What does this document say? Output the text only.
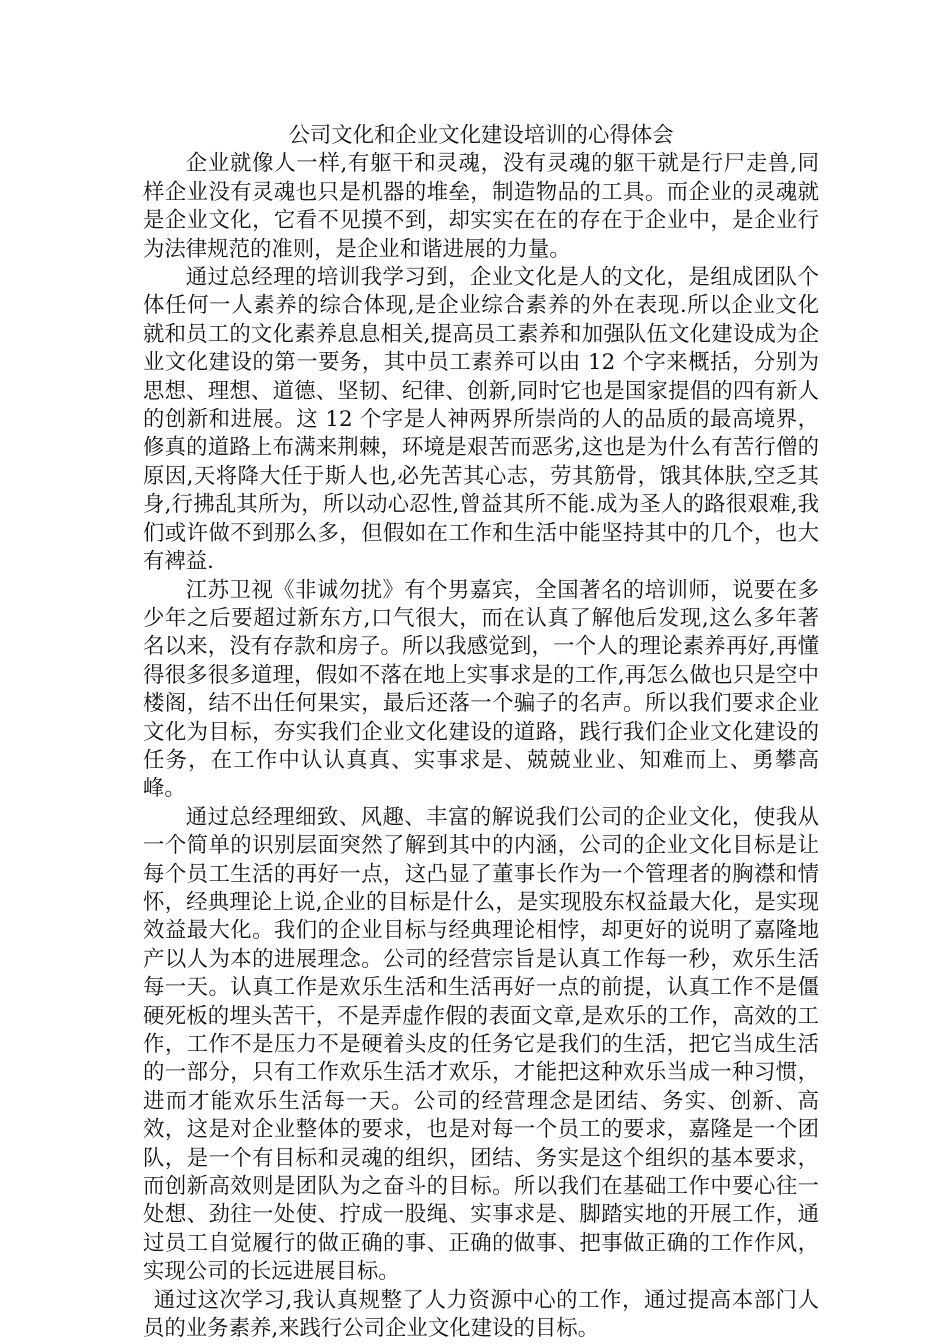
公司文化和企业文化建设培训的心得体会

企业就像人一样,有躯干和灵魂，没有灵魂的躯干就是行尸走兽,同样企业没有灵魂也只是机器的堆垒，制造物品的工具。而企业的灵魂就是企业文化，它看不见摸不到，却实实在在的存在于企业中，是企业行为法律规范的准则，是企业和谐进展的力量。

通过总经理的培训我学习到，企业文化是人的文化，是组成团队个体任何一人素养的综合体现,是企业综合素养的外在表现.所以企业文化就和员工的文化素养息息相关,提高员工素养和加强队伍文化建设成为企业文化建设的第一要务，其中员工素养可以由 12 个字来概括，分别为思想、理想、道德、坚韧、纪律、创新,同时它也是国家提倡的四有新人的创新和进展。这 12 个字是人神两界所崇尚的人的品质的最高境界，修真的道路上布满来荆棘，环境是艰苦而恶劣,这也是为什么有苦行僧的原因,天将降大任于斯人也,必先苦其心志，劳其筋骨，饿其体肤,空乏其身,行拂乱其所为，所以动心忍性,曾益其所不能.成为圣人的路很艰难,我们或许做不到那么多，但假如在工作和生活中能坚持其中的几个，也大有裨益.

江苏卫视《非诚勿扰》有个男嘉宾，全国著名的培训师，说要在多少年之后要超过新东方,口气很大，而在认真了解他后发现,这么多年著名以来，没有存款和房子。所以我感觉到，一个人的理论素养再好,再懂得很多很多道理，假如不落在地上实事求是的工作,再怎么做也只是空中楼阁，结不出任何果实，最后还落一个骗子的名声。所以我们要求企业文化为目标，夯实我们企业文化建设的道路，践行我们企业文化建设的任务，在工作中认认真真、实事求是、兢兢业业、知难而上、勇攀高峰。

通过总经理细致、风趣、丰富的解说我们公司的企业文化，使我从一个简单的识别层面突然了解到其中的内涵，公司的企业文化目标是让每个员工生活的再好一点，这凸显了董事长作为一个管理者的胸襟和情怀，经典理论上说,企业的目标是什么，是实现股东权益最大化，是实现效益最大化。我们的企业目标与经典理论相悖，却更好的说明了嘉隆地产以人为本的进展理念。公司的经营宗旨是认真工作每一秒，欢乐生活每一天。认真工作是欢乐生活和生活再好一点的前提，认真工作不是僵硬死板的埋头苦干，不是弄虚作假的表面文章,是欢乐的工作，高效的工作，工作不是压力不是硬着头皮的任务它是我们的生活，把它当成生活的一部分，只有工作欢乐生活才欢乐，才能把这种欢乐当成一种习惯，进而才能欢乐生活每一天。公司的经营理念是团结、务实、创新、高效，这是对企业整体的要求，也是对每一个员工的要求，嘉隆是一个团队，是一个有目标和灵魂的组织，团结、务实是这个组织的基本要求，而创新高效则是团队为之奋斗的目标。所以我们在基础工作中要心往一处想、劲往一处使、拧成一股绳、实事求是、脚踏实地的开展工作，通过员工自觉履行的做正确的事、正确的做事、把事做正确的工作作风，实现公司的长远进展目标。

通过这次学习,我认真规整了人力资源中心的工作，通过提高本部门人员的业务素养,来践行公司企业文化建设的目标。
